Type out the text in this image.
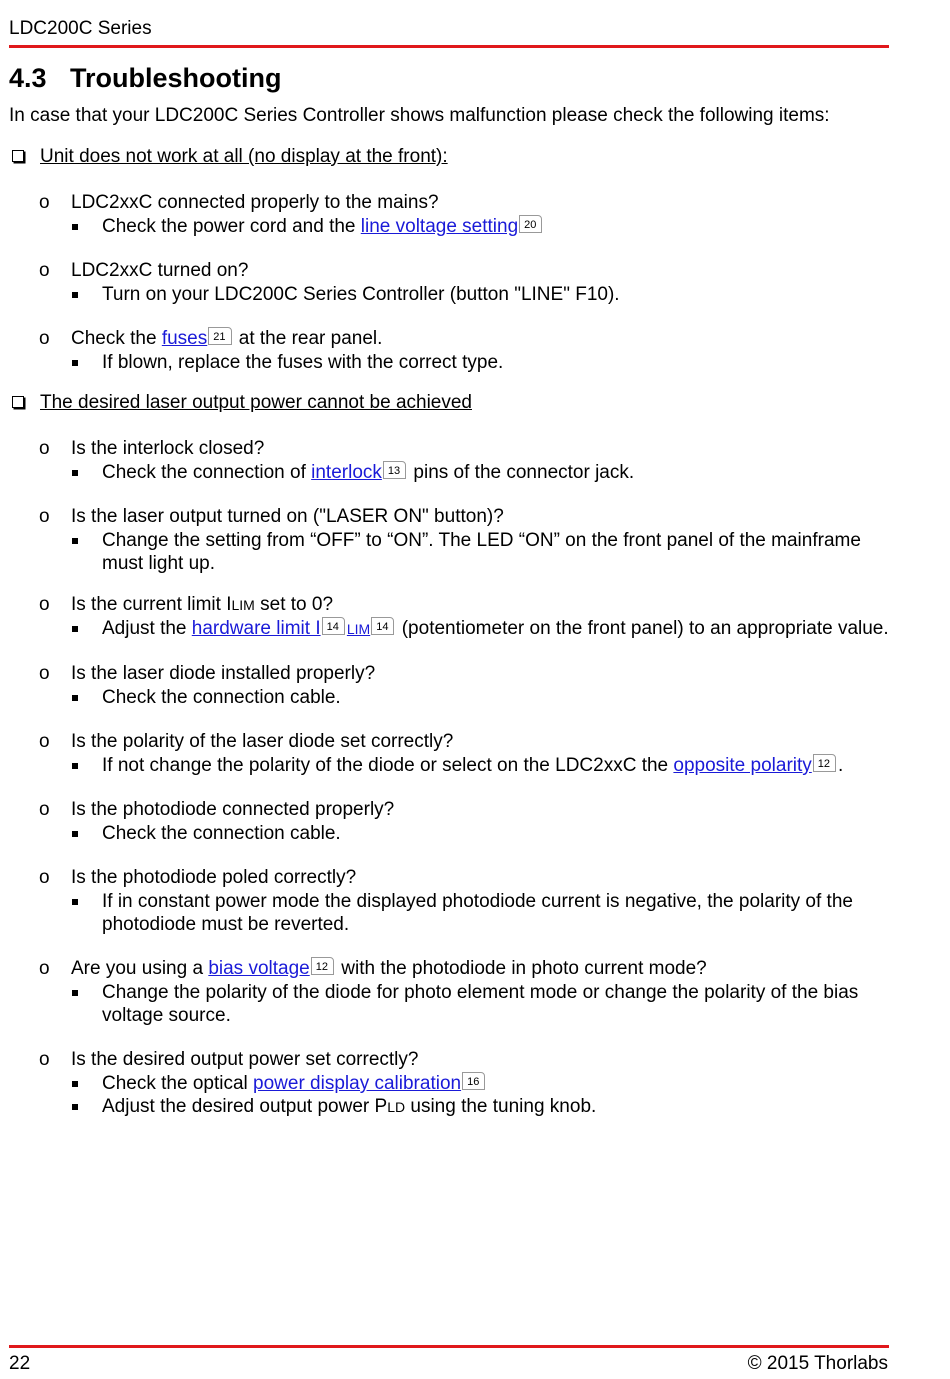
LDC200C Series
4.3 Troubleshooting

In case that your LDC200C Series Controller shows malfunction please check the following items:

Unit does not work at all (no display at the front):
o LDC2xxC connected properly to the mains?
Check the power cord and the line voltage setting 20
o LDC2xxC turned on?
Turn on your LDC200C Series Controller (button "LINE" F10).
o Check the fuses 21 at the rear panel.
If blown, replace the fuses with the correct type.
The desired laser output power cannot be achieved
o Is the interlock closed?
Check the connection of interlock 13 pins of the connector jack.
o Is the laser output turned on ("LASER ON" button)?
Change the setting from “OFF” to “ON”. The LED “ON” on the front panel of the mainframe must light up.
o Is the current limit ILIM set to 0?
Adjust the hardware limit I 14 LIM 14 (potentiometer on the front panel) to an appropriate value.
o Is the laser diode installed properly?
Check the connection cable.
o Is the polarity of the laser diode set correctly?
If not change the polarity of the diode or select on the LDC2xxC the opposite polarity 12 .
o Is the photodiode connected properly?
Check the connection cable.
o Is the photodiode poled correctly?
If in constant power mode the displayed photodiode current is negative, the polarity of the photodiode must be reverted.
o Are you using a bias voltage 12 with the photodiode in photo current mode?
Change the polarity of the diode for photo element mode or change the polarity of the bias voltage source.
o Is the desired output power set correctly?
Check the optical power display calibration 16
Adjust the desired output power PLD using the tuning knob.
22	© 2015 Thorlabs
